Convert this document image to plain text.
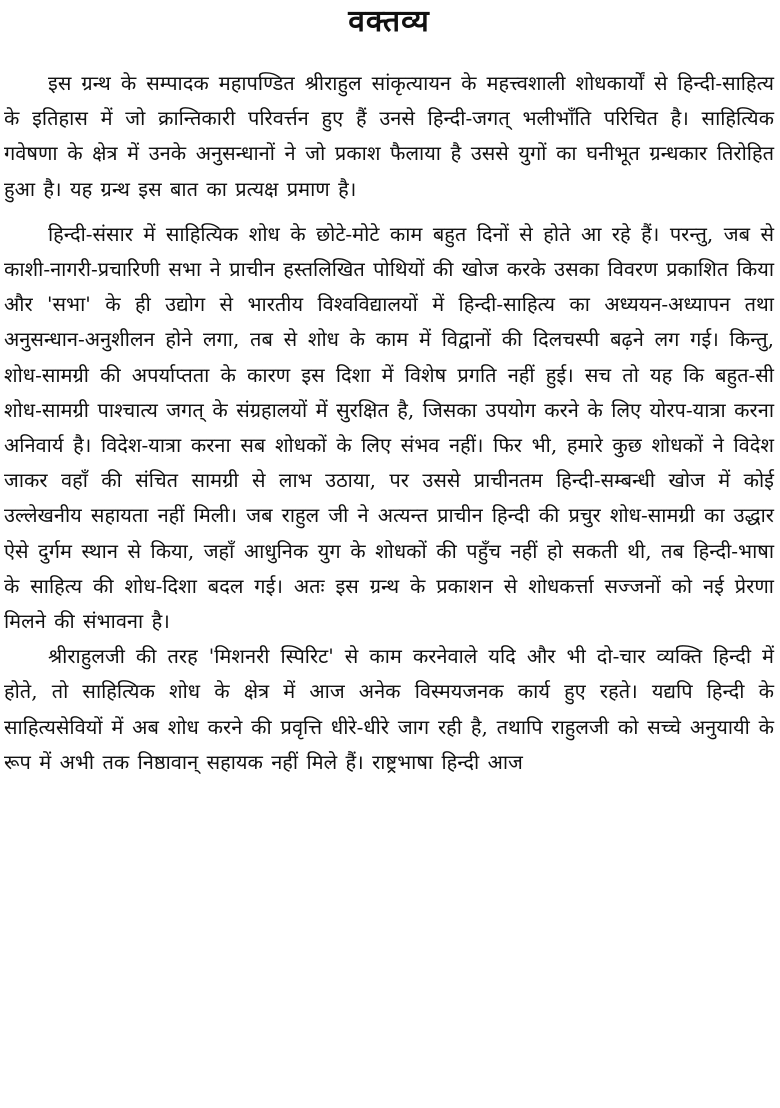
वक्तव्य

इस ग्रन्थ के सम्पादक महापण्डित श्रीराहुल सांकृत्यायन के महत्त्वशाली शोधकार्यों से हिन्दी-साहित्य के इतिहास में जो क्रान्तिकारी परिवर्त्तन हुए हैं उनसे हिन्दी-जगत् भलीभाँति परिचित है। साहित्यिक गवेषणा के क्षेत्र में उनके अनुसन्धानों ने जो प्रकाश फैलाया है उससे युगों का घनीभूत ग्रन्धकार तिरोहित हुआ है। यह ग्रन्थ इस बात का प्रत्यक्ष प्रमाण है।

हिन्दी-संसार में साहित्यिक शोध के छोटे-मोटे काम बहुत दिनों से होते आ रहे हैं। परन्तु, जब से काशी-नागरी-प्रचारिणी सभा ने प्राचीन हस्तलिखित पोथियों की खोज करके उसका विवरण प्रकाशित किया और 'सभा' के ही उद्योग से भारतीय विश्वविद्यालयों में हिन्दी-साहित्य का अध्ययन-अध्यापन तथा अनुसन्धान-अनुशीलन होने लगा, तब से शोध के काम में विद्वानों की दिलचस्पी बढ़ने लग गई। किन्तु, शोध-सामग्री की अपर्याप्तता के कारण इस दिशा में विशेष प्रगति नहीं हुई। सच तो यह कि बहुत-सी शोध-सामग्री पाश्चात्य जगत् के संग्रहालयों में सुरक्षित है, जिसका उपयोग करने के लिए योरप-यात्रा करना अनिवार्य है। विदेश-यात्रा करना सब शोधकों के लिए संभव नहीं। फिर भी, हमारे कुछ शोधकों ने विदेश जाकर वहाँ की संचित सामग्री से लाभ उठाया, पर उससे प्राचीनतम हिन्दी-सम्बन्धी खोज में कोई उल्लेखनीय सहायता नहीं मिली। जब राहुल जी ने अत्यन्त प्राचीन हिन्दी की प्रचुर शोध-सामग्री का उद्धार ऐसे दुर्गम स्थान से किया, जहाँ आधुनिक युग के शोधकों की पहुँच नहीं हो सकती थी, तब हिन्दी-भाषा के साहित्य की शोध-दिशा बदल गई। अतः इस ग्रन्थ के प्रकाशन से शोधकर्त्ता सज्जनों को नई प्रेरणा मिलने की संभावना है।

श्रीराहुलजी की तरह 'मिशनरी स्पिरिट' से काम करनेवाले यदि और भी दो-चार व्यक्ति हिन्दी में होते, तो साहित्यिक शोध के क्षेत्र में आज अनेक विस्मयजनक कार्य हुए रहते। यद्यपि हिन्दी के साहित्यसेवियों में अब शोध करने की प्रवृत्ति धीरे-धीरे जाग रही है, तथापि राहुलजी को सच्चे अनुयायी के रूप में अभी तक निष्ठावान् सहायक नहीं मिले हैं। राष्ट्रभाषा हिन्दी आज
